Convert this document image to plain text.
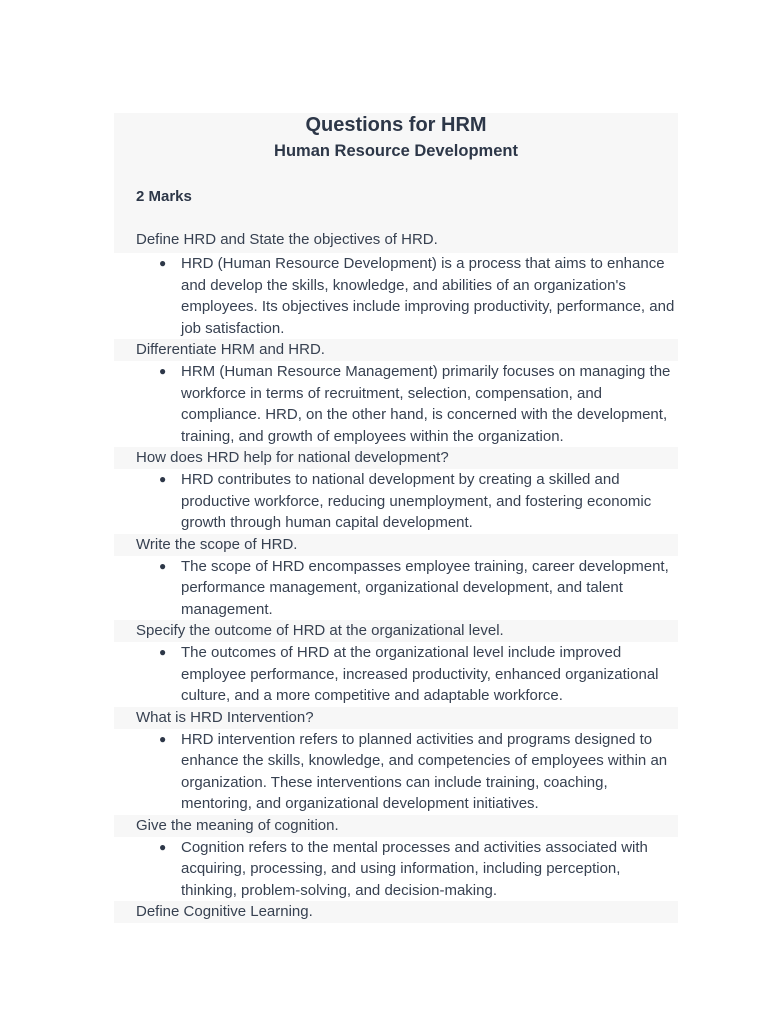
Questions for HRM
Human Resource Development
2 Marks
Define HRD and State the objectives of HRD.
● HRD (Human Resource Development) is a process that aims to enhance and develop the skills, knowledge, and abilities of an organization's employees. Its objectives include improving productivity, performance, and job satisfaction.
Differentiate HRM and HRD.
● HRM (Human Resource Management) primarily focuses on managing the workforce in terms of recruitment, selection, compensation, and compliance. HRD, on the other hand, is concerned with the development, training, and growth of employees within the organization.
How does HRD help for national development?
● HRD contributes to national development by creating a skilled and productive workforce, reducing unemployment, and fostering economic growth through human capital development.
Write the scope of HRD.
● The scope of HRD encompasses employee training, career development, performance management, organizational development, and talent management.
Specify the outcome of HRD at the organizational level.
● The outcomes of HRD at the organizational level include improved employee performance, increased productivity, enhanced organizational culture, and a more competitive and adaptable workforce.
What is HRD Intervention?
● HRD intervention refers to planned activities and programs designed to enhance the skills, knowledge, and competencies of employees within an organization. These interventions can include training, coaching, mentoring, and organizational development initiatives.
Give the meaning of cognition.
● Cognition refers to the mental processes and activities associated with acquiring, processing, and using information, including perception, thinking, problem-solving, and decision-making.
Define Cognitive Learning.
